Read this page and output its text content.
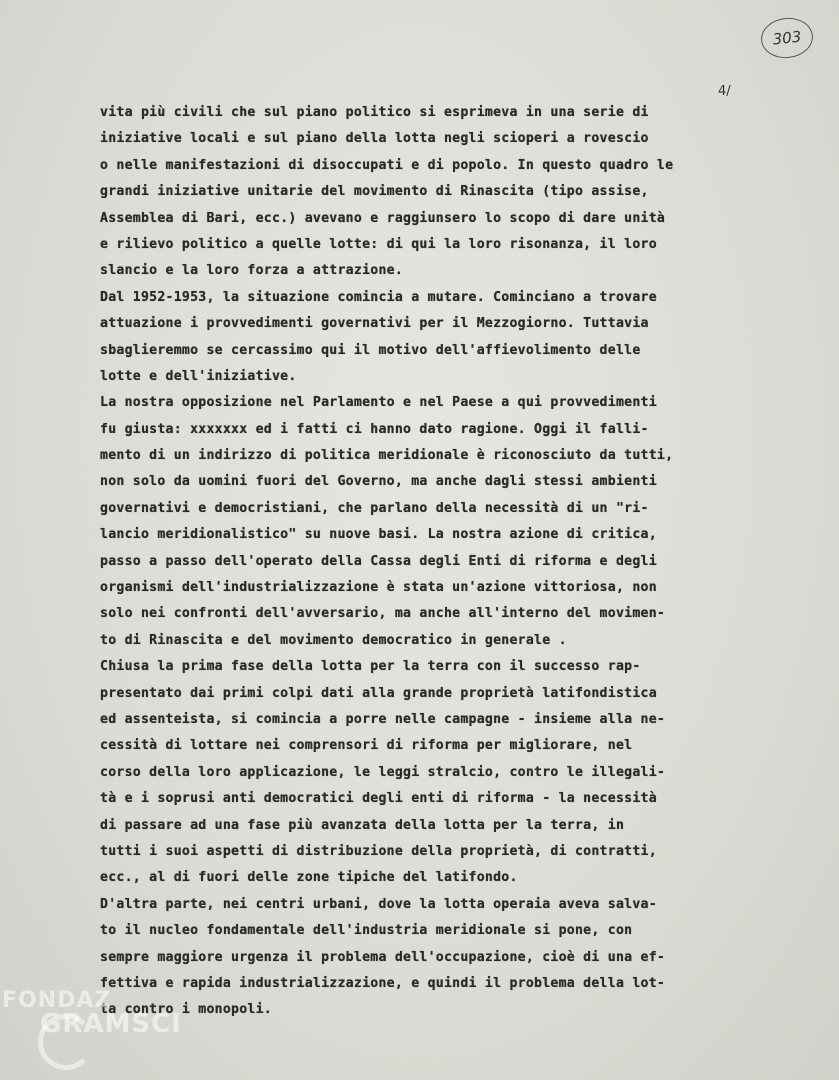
303
4/
vita più civili che sul piano politico si esprimeva in una serie di
iniziative locali e sul piano della lotta negli scioperi a rovescio
o nelle manifestazioni di disoccupati e di popolo. In questo quadro le
grandi iniziative unitarie del movimento di Rinascita (tipo assise,
Assemblea di Bari, ecc.) avevano e raggiunsero lo scopo di dare unità
e rilievo politico a quelle lotte: di qui la loro risonanza, il loro
slancio e la loro forza a attrazione.
Dal 1952-1953, la situazione comincia a mutare. Cominciano a trovare
attuazione i provvedimenti governativi per il Mezzogiorno. Tuttavia
sbaglieremmo se cercassimo qui il motivo dell'affievolimento delle
lotte e dell'iniziative.
La nostra opposizione nel Parlamento e nel Paese a qui provvedimenti
fu giusta: xxxxxxx ed i fatti ci hanno dato ragione. Oggi il falli-
mento di un indirizzo di politica meridionale è riconosciuto da tutti,
non solo da uomini fuori del Governo, ma anche dagli stessi ambienti
governativi e democristiani, che parlano della necessità di un "ri-
lancio meridionalistico" su nuove basi. La nostra azione di critica,
passo a passo dell'operato della Cassa degli Enti di riforma e degli
organismi dell'industrializzazione è stata un'azione vittoriosa, non
solo nei confronti dell'avversario, ma anche all'interno del movimen-
to di Rinascita e del movimento democratico in generale .
Chiusa la prima fase della lotta per la terra con il successo rap-
presentato dai primi colpi dati alla grande proprietà latifondistica
ed assenteista, si comincia a porre nelle campagne - insieme alla ne-
cessità di lottare nei comprensori di riforma per migliorare, nel
corso della loro applicazione, le leggi stralcio, contro le illegali-
tà e i soprusi anti democratici degli enti di riforma - la necessità
di passare ad una fase più avanzata della lotta per la terra, in
tutti i suoi aspetti di distribuzione della proprietà, di contratti,
ecc., al di fuori delle zone tipiche del latifondo.
D'altra parte, nei centri urbani, dove la lotta operaia aveva salva-
to il nucleo fondamentale dell'industria meridionale si pone, con
sempre maggiore urgenza il problema dell'occupazione, cioè di una ef-
fettiva e rapida industrializzazione, e quindi il problema della lot-
ta contro i monopoli.
FONDAZ
GRAMSCI
